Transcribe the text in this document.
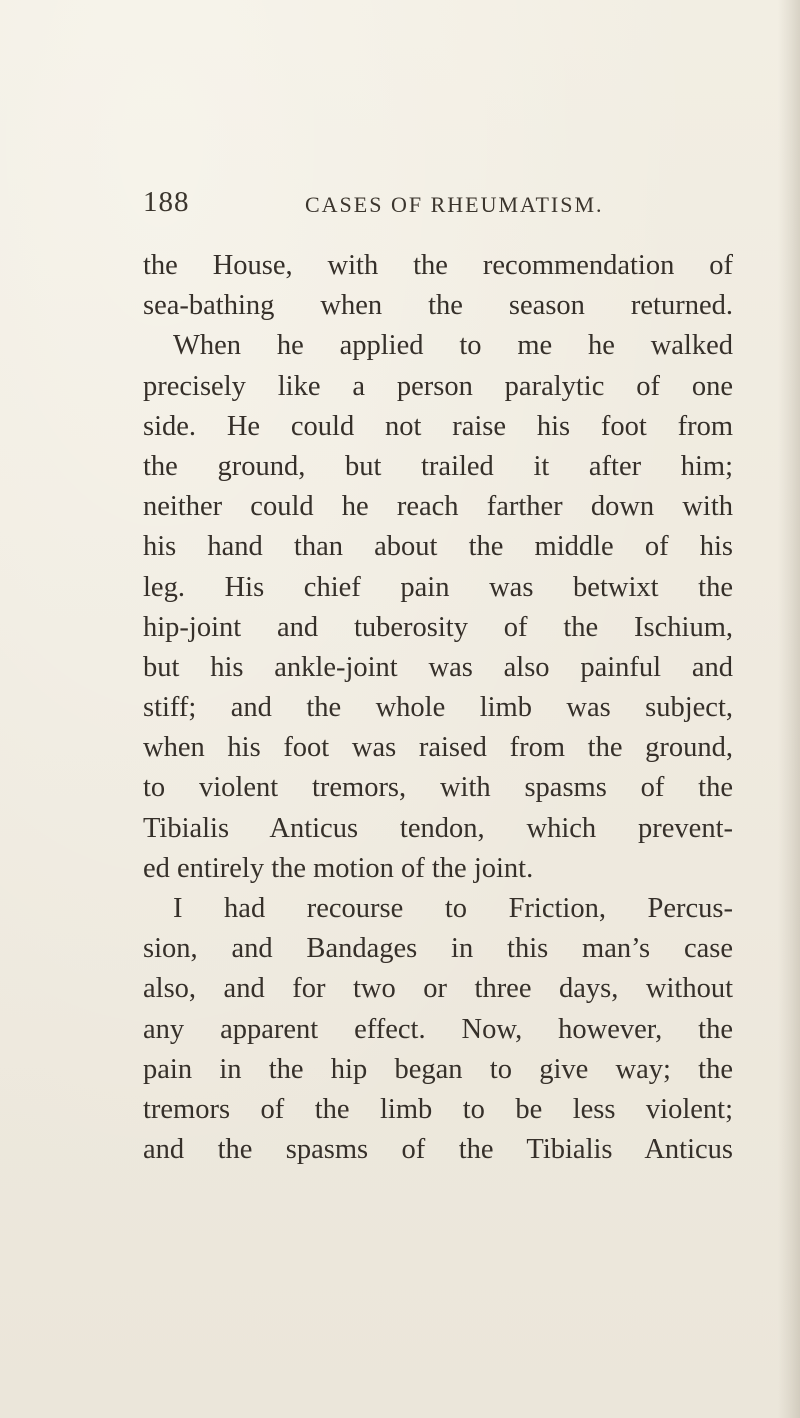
188	CASES OF RHEUMATISM.
the House, with the recommendation of
sea-bathing when the season returned.
When he applied to me he walked
precisely like a person paralytic of one
side. He could not raise his foot from
the ground, but trailed it after him;
neither could he reach farther down with
his hand than about the middle of his
leg. His chief pain was betwixt the
hip-joint and tuberosity of the Ischium,
but his ankle-joint was also painful and
stiff; and the whole limb was subject,
when his foot was raised from the ground,
to violent tremors, with spasms of the
Tibialis Anticus tendon, which prevent-
ed entirely the motion of the joint.
I had recourse to Friction, Percus-
sion, and Bandages in this man’s case
also, and for two or three days, without
any apparent effect. Now, however, the
pain in the hip began to give way; the
tremors of the limb to be less violent;
and the spasms of the Tibialis Anticus
